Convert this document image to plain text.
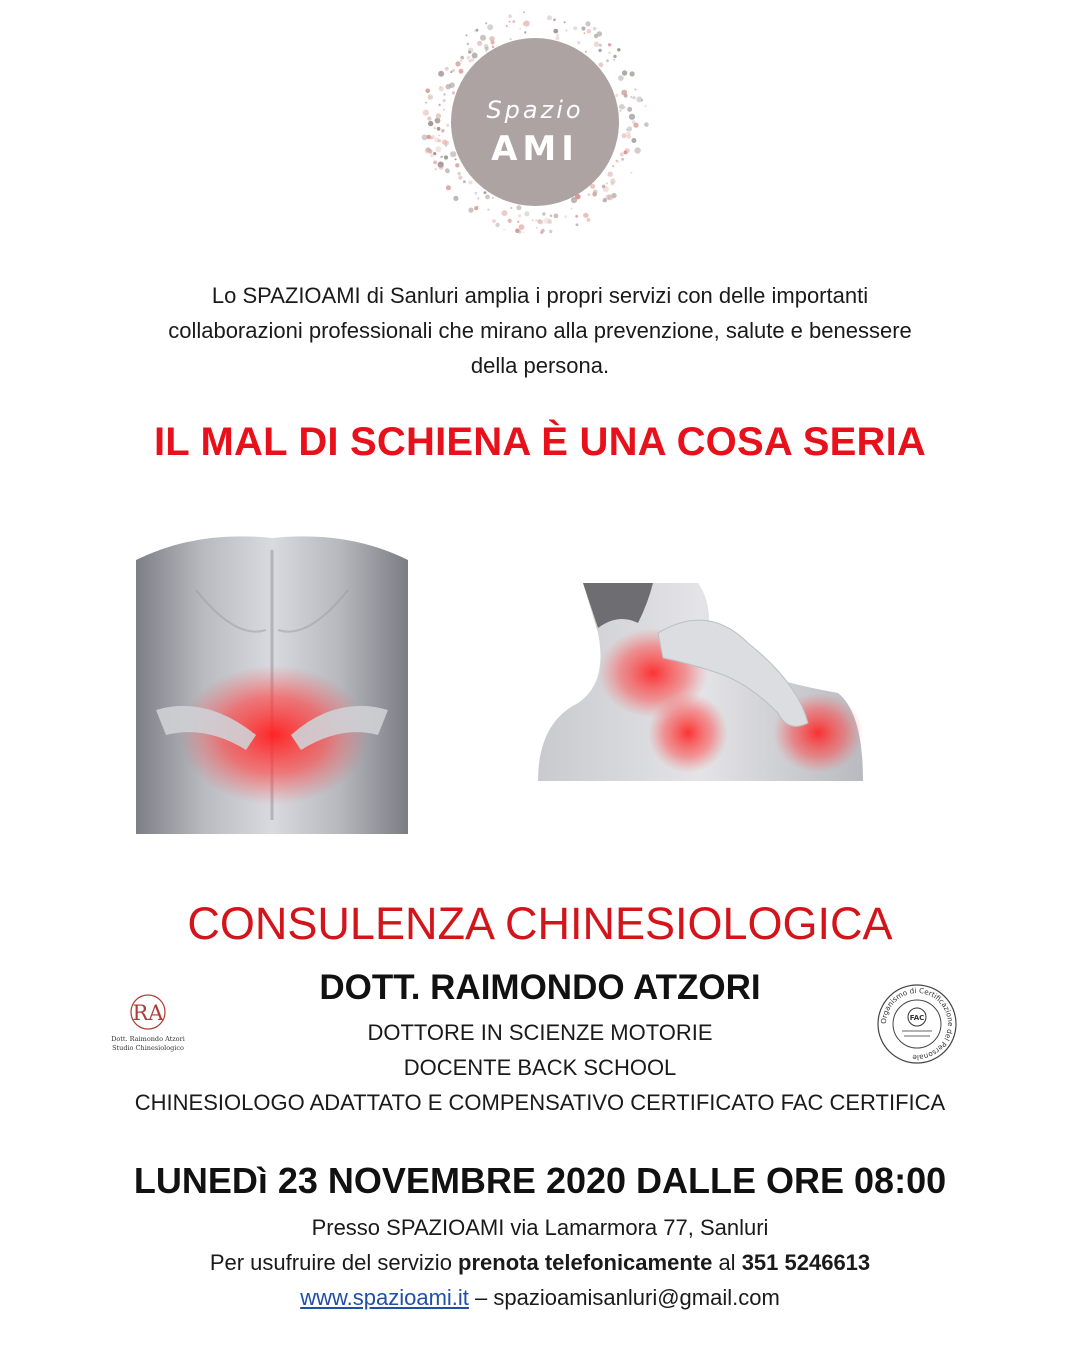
Spazio
AMI
Lo SPAZIOAMI di Sanluri amplia i propri servizi con delle importanti
collaborazioni professionali che mirano alla prevenzione, salute e benessere
della persona.
IL MAL DI SCHIENA È UNA COSA SERIA
CONSULENZA CHINESIOLOGICA
DOTT. RAIMONDO ATZORI
RA
Dott. Raimondo Atzori
Studio Chinesiologico
Organismo di Certificazione del Personale
FAC
DOTTORE IN SCIENZE MOTORIE
DOCENTE BACK SCHOOL
CHINESIOLOGO ADATTATO E COMPENSATIVO CERTIFICATO FAC CERTIFICA
LUNEDì 23 NOVEMBRE 2020 DALLE ORE 08:00
Presso SPAZIOAMI via Lamarmora 77, Sanluri
Per usufruire del servizio prenota telefonicamente al 351 5246613
www.spazioami.it – spazioamisanluri@gmail.com
